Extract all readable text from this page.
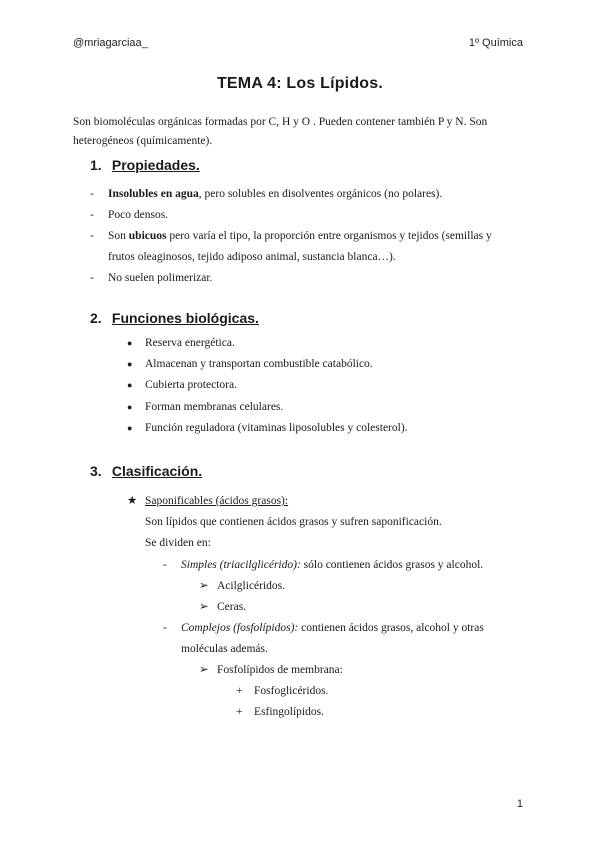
@mriagarciaa_	1º Química
TEMA 4: Los Lípidos.
Son biomoléculas orgánicas formadas por C, H y O . Pueden contener también P y N. Son heterogéneos (químicamente).
1. Propiedades.
- Insolubles en agua, pero solubles en disolventes orgánicos (no polares).
- Poco densos.
- Son ubicuos pero varía el tipo, la proporción entre organismos y tejidos (semillas y
frutos oleaginosos, tejido adiposo animal, sustancia blanca…).
- No suelen polimerizar.
2. Funciones biológicas.
● Reserva energética.
● Almacenan y transportan combustible catabólico.
● Cubierta protectora.
● Forman membranas celulares.
● Función reguladora (vitaminas liposolubles y colesterol).
3. Clasificación.
★ Saponificables (ácidos grasos):
Son lípidos que contienen ácidos grasos y sufren saponificación.
Se dividen en:
- Simples (triacilglicérido): sólo contienen ácidos grasos y alcohol.
➢ Acilglicéridos.
➢ Ceras.
- Complejos (fosfolípidos): contienen ácidos grasos, alcohol y otras
moléculas además.
➢ Fosfolípidos de membrana:
+ Fosfoglicéridos.
+ Esfingolípidos.
1
